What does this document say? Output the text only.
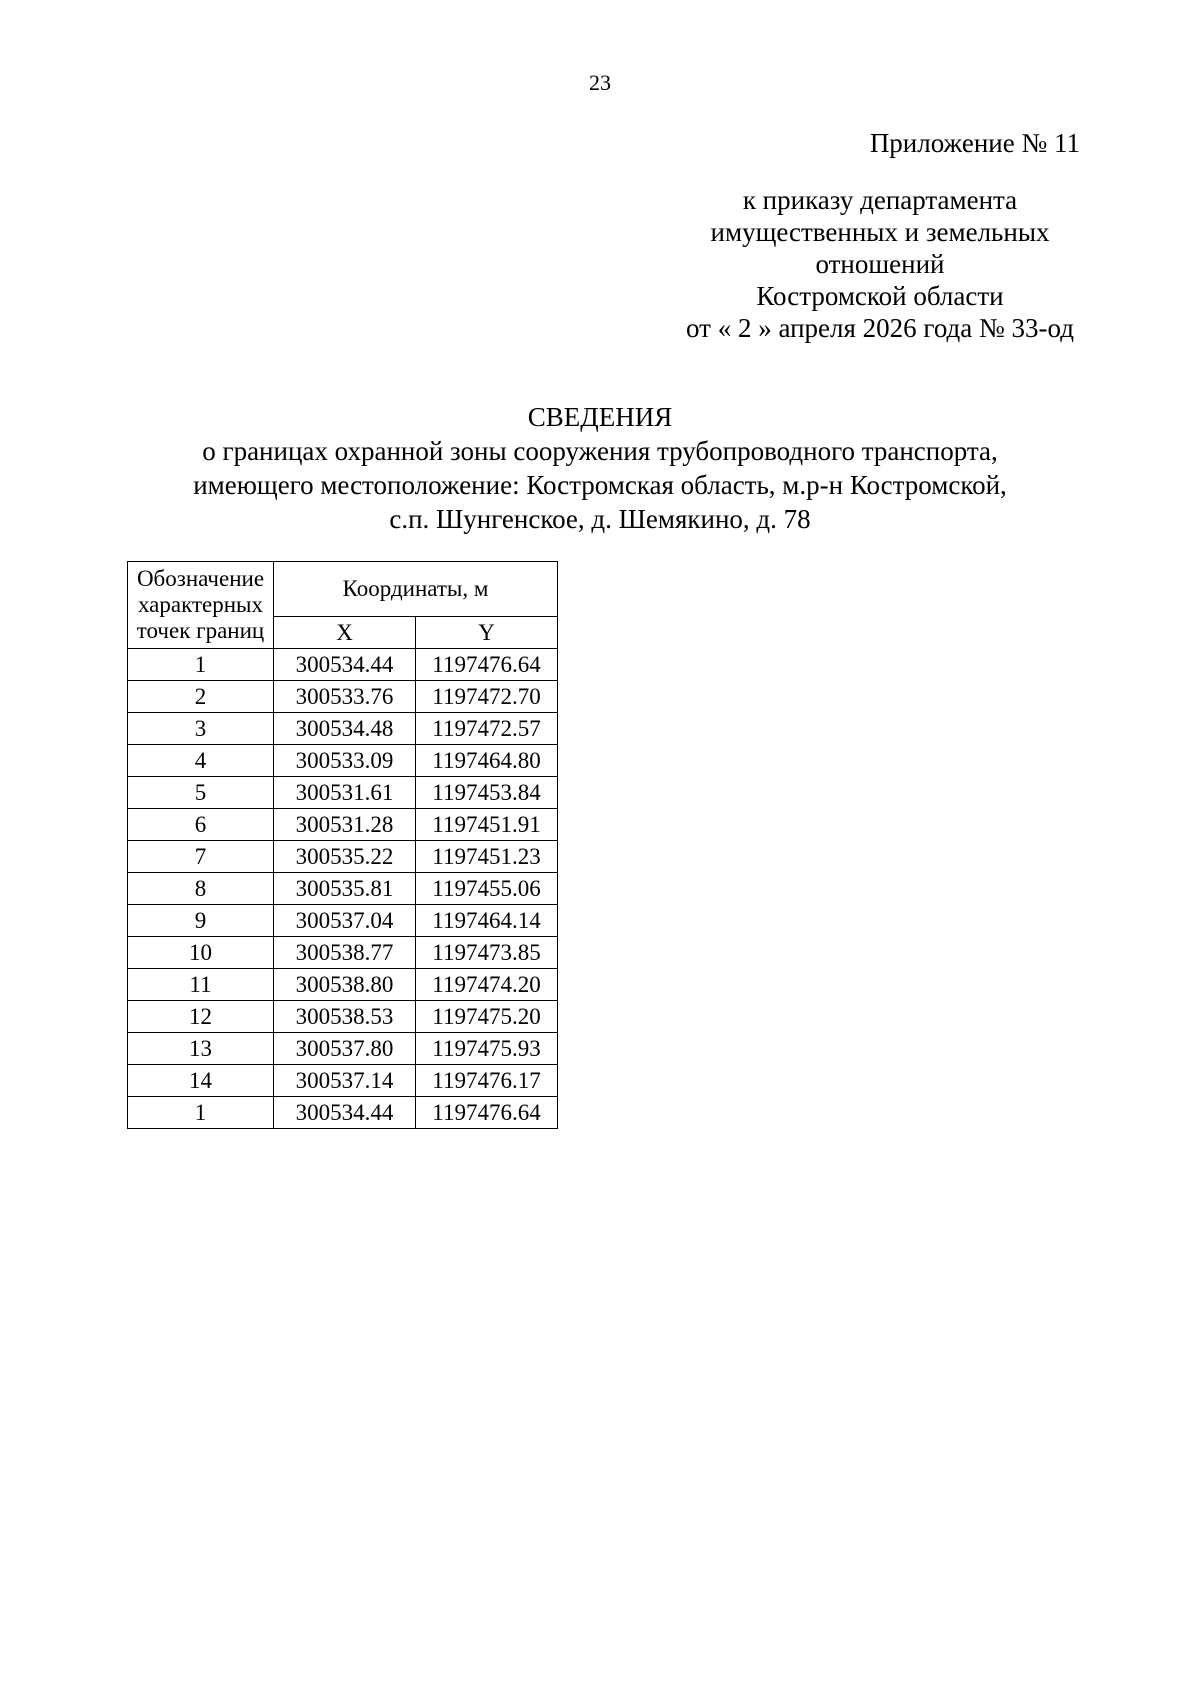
23
Приложение № 11
к приказу департамента
имущественных и земельных
отношений
Костромской области
от « 2 » апреля 2026 года № 33-од
СВЕДЕНИЯ
о границах охранной зоны сооружения трубопроводного транспорта,
имеющего местоположение: Костромская область, м.р-н Костромской,
с.п. Шунгенское, д. Шемякино, д. 78
Обозначение
характерных
точек границ	Координаты, м	
	X	Y
1	300534.44	1197476.64
2	300533.76	1197472.70
3	300534.48	1197472.57
4	300533.09	1197464.80
5	300531.61	1197453.84
6	300531.28	1197451.91
7	300535.22	1197451.23
8	300535.81	1197455.06
9	300537.04	1197464.14
10	300538.77	1197473.85
11	300538.80	1197474.20
12	300538.53	1197475.20
13	300537.80	1197475.93
14	300537.14	1197476.17
1	300534.44	1197476.64
